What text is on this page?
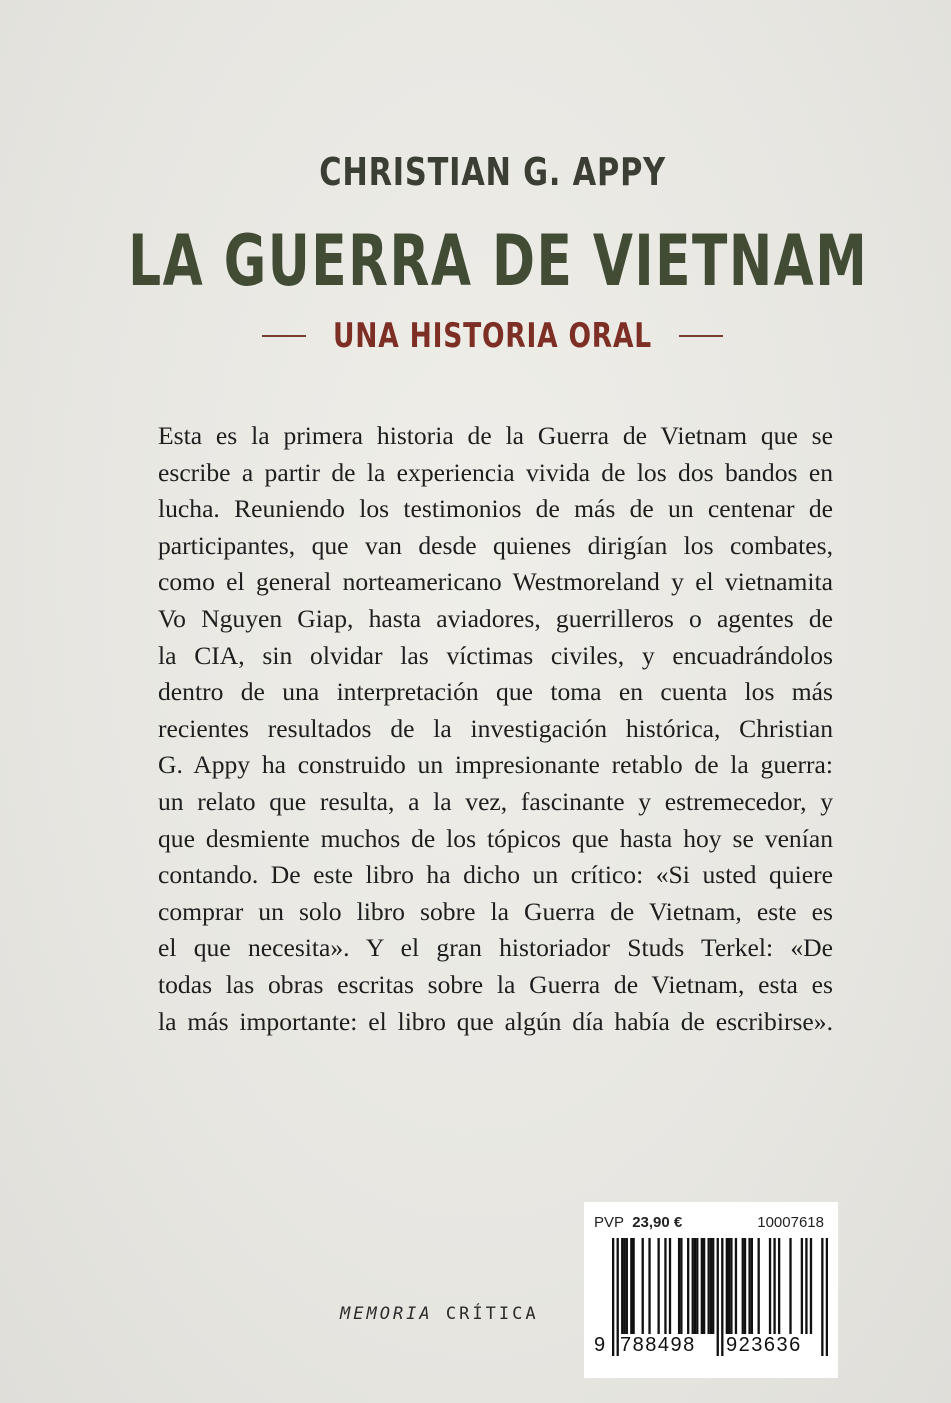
CHRISTIAN G. APPY
LA GUERRA DE VIETNAM
UNA HISTORIA ORAL
Esta es la primera historia de la Guerra de Vietnam que se
escribe a partir de la experiencia vivida de los dos bandos en
lucha. Reuniendo los testimonios de más de un centenar de
participantes, que van desde quienes dirigían los combates,
como el general norteamericano Westmoreland y el vietnamita
Vo Nguyen Giap, hasta aviadores, guerrilleros o agentes de
la CIA, sin olvidar las víctimas civiles, y encuadrándolos
dentro de una interpretación que toma en cuenta los más
recientes resultados de la investigación histórica, Christian
G. Appy ha construido un impresionante retablo de la guerra:
un relato que resulta, a la vez, fascinante y estremecedor, y
que desmiente muchos de los tópicos que hasta hoy se venían
contando. De este libro ha dicho un crítico: «Si usted quiere
comprar un solo libro sobre la Guerra de Vietnam, este es
el que necesita». Y el gran historiador Studs Terkel: «De
todas las obras escritas sobre la Guerra de Vietnam, esta es
la más importante: el libro que algún día había de escribirse».
MEMORIA CRÍTICA
PVP 23,90 €	10007618
9 788498 923636
